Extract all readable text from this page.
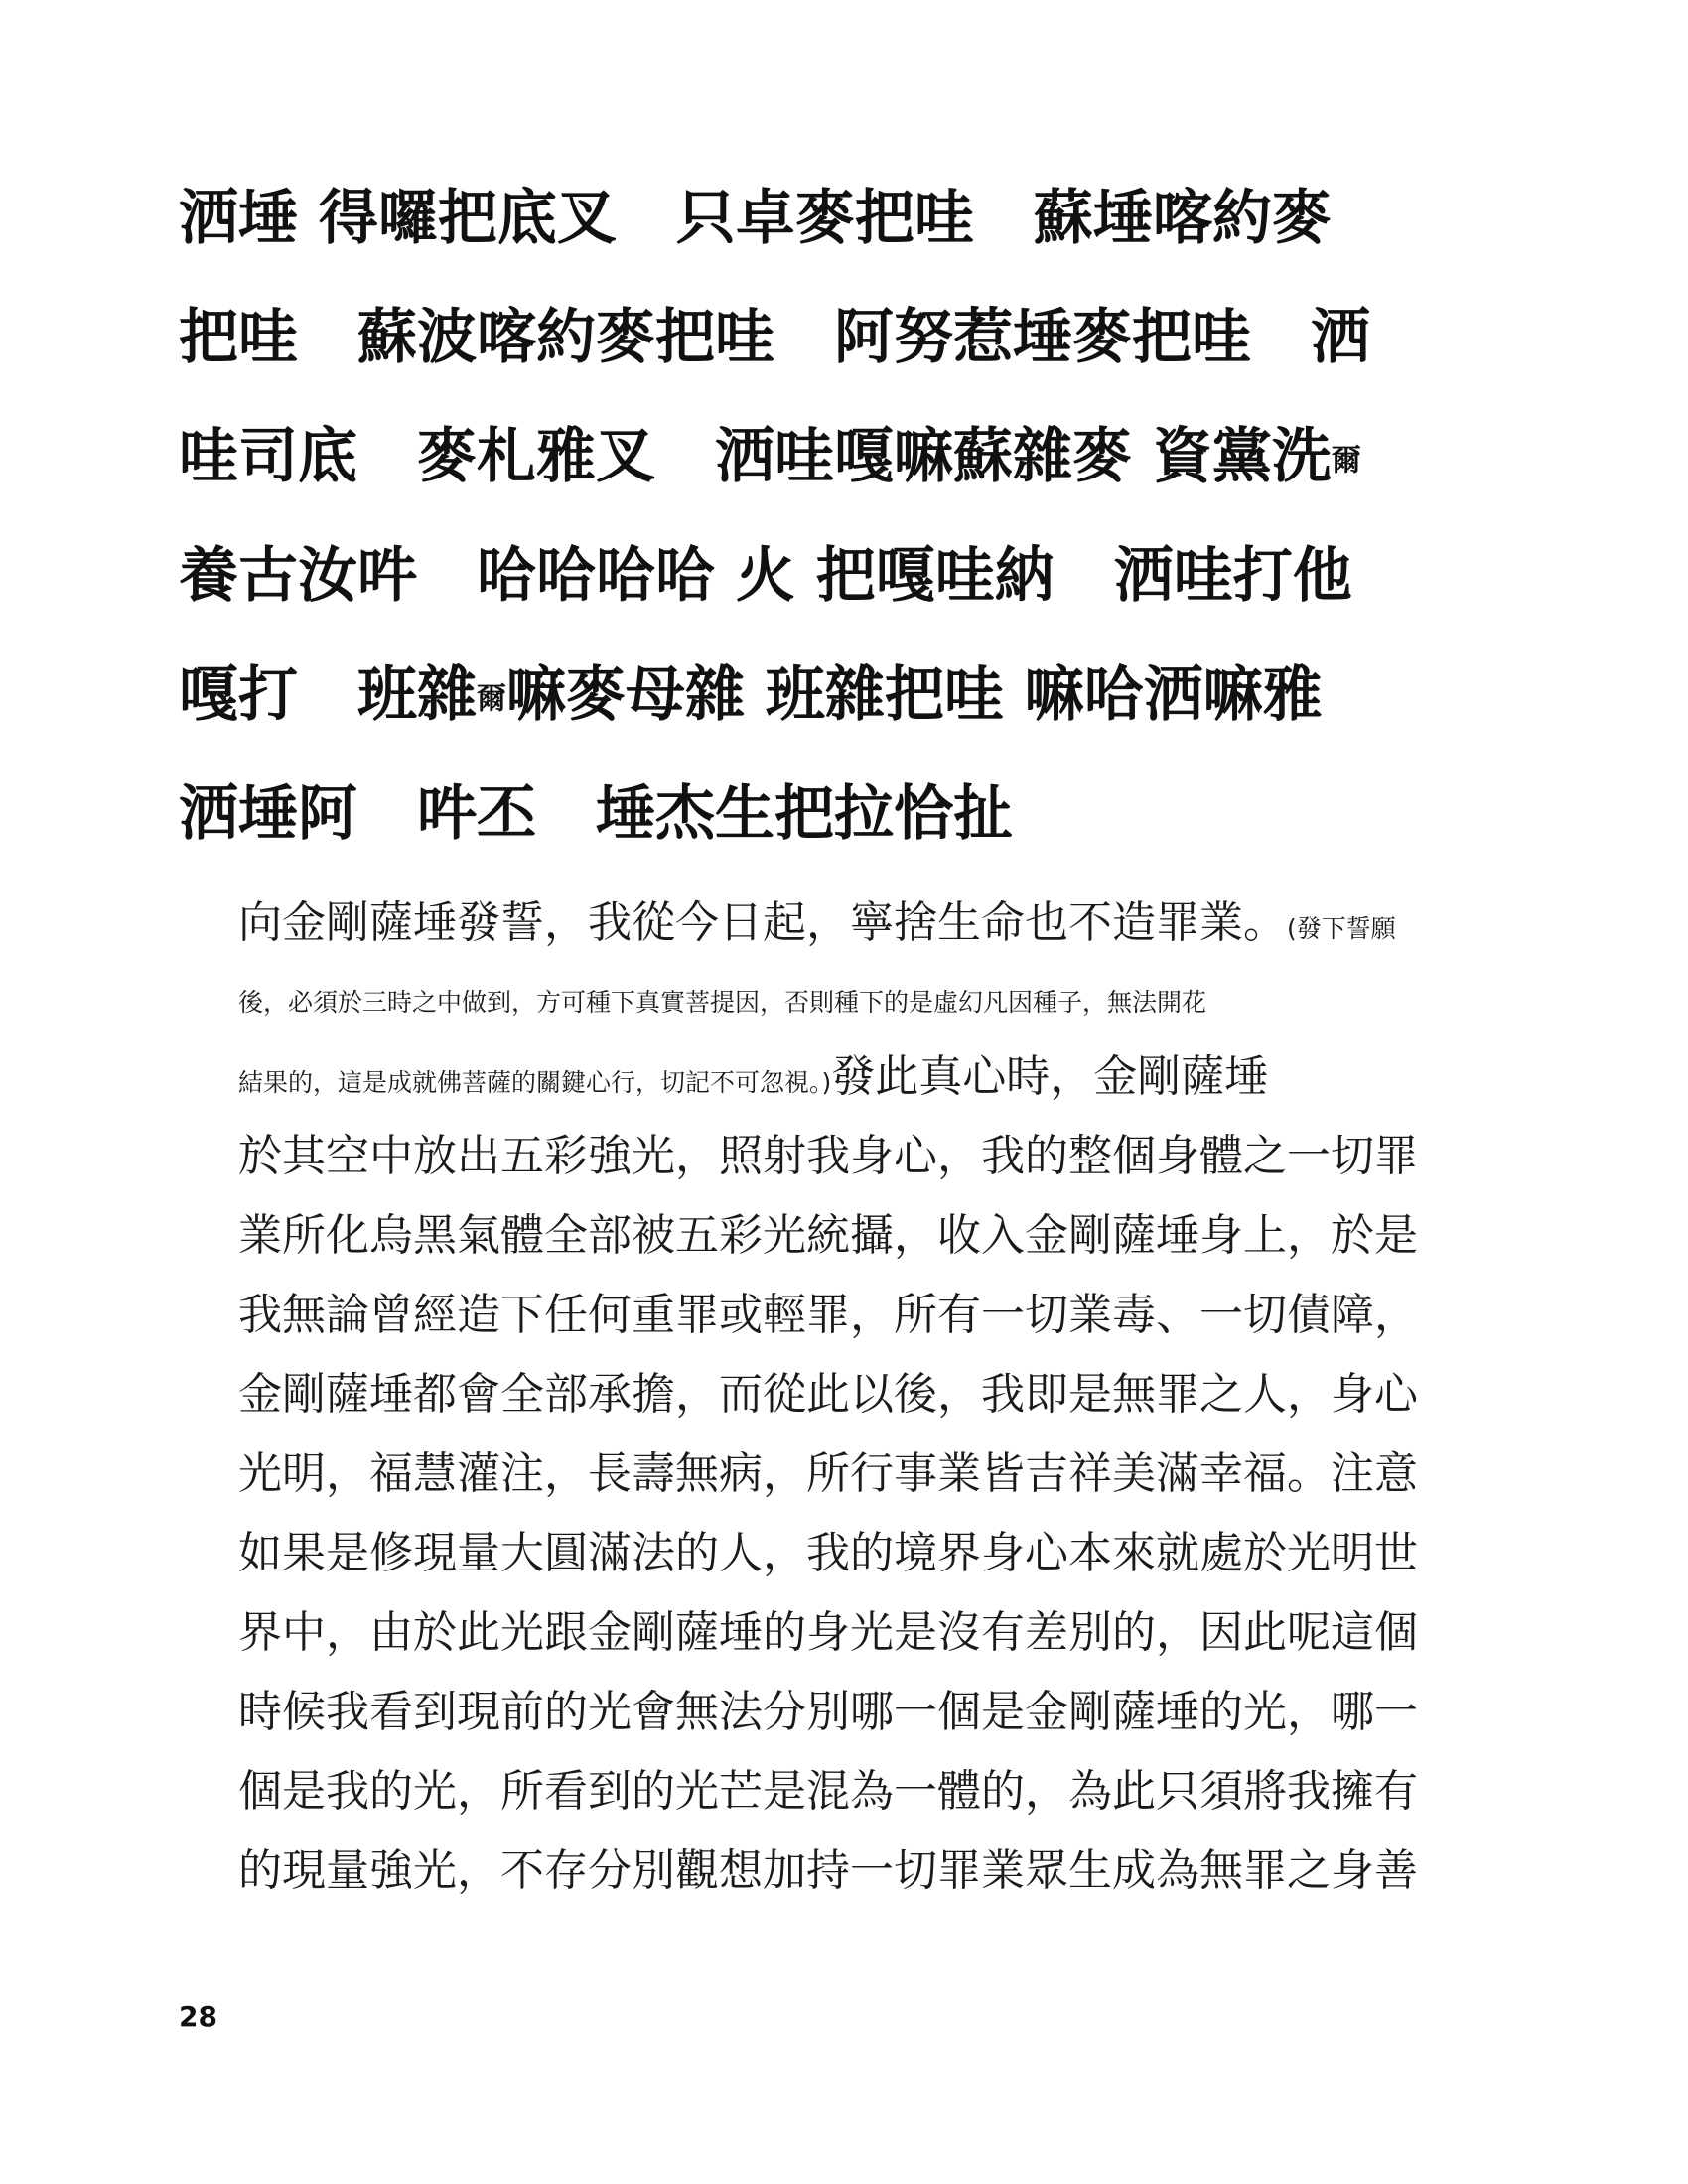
洒埵 得囉把底叉　只卓麥把哇　蘇埵喀約麥
把哇　蘇波喀約麥把哇　阿努惹埵麥把哇　洒
哇司底　麥札雅叉　洒哇嘎嘛蘇雜麥 資黨洗爾
養古汝吽　哈哈哈哈 火 把嘎哇納　洒哇打他
嘎打　班雜爾嘛麥母雜 班雜把哇 嘛哈洒嘛雅
洒埵阿　吽丕　埵杰生把拉恰扯
向金剛薩埵發誓，我從今日起，寧捨生命也不造罪業。(發下誓願
後，必須於三時之中做到，方可種下真實菩提因，否則種下的是虛幻凡因種子，無法開花
結果的，這是成就佛菩薩的關鍵心行，切記不可忽視。)發此真心時，金剛薩埵
於其空中放出五彩強光，照射我身心，我的整個身體之一切罪
業所化烏黑氣體全部被五彩光統攝，收入金剛薩埵身上，於是
我無論曾經造下任何重罪或輕罪，所有一切業毒、一切債障，
金剛薩埵都會全部承擔，而從此以後，我即是無罪之人，身心
光明，福慧灌注，長壽無病，所行事業皆吉祥美滿幸福。注意
如果是修現量大圓滿法的人，我的境界身心本來就處於光明世
界中，由於此光跟金剛薩埵的身光是沒有差別的，因此呢這個
時候我看到現前的光會無法分別哪一個是金剛薩埵的光，哪一
個是我的光，所看到的光芒是混為一體的，為此只須將我擁有
的現量強光，不存分別觀想加持一切罪業眾生成為無罪之身善
28
